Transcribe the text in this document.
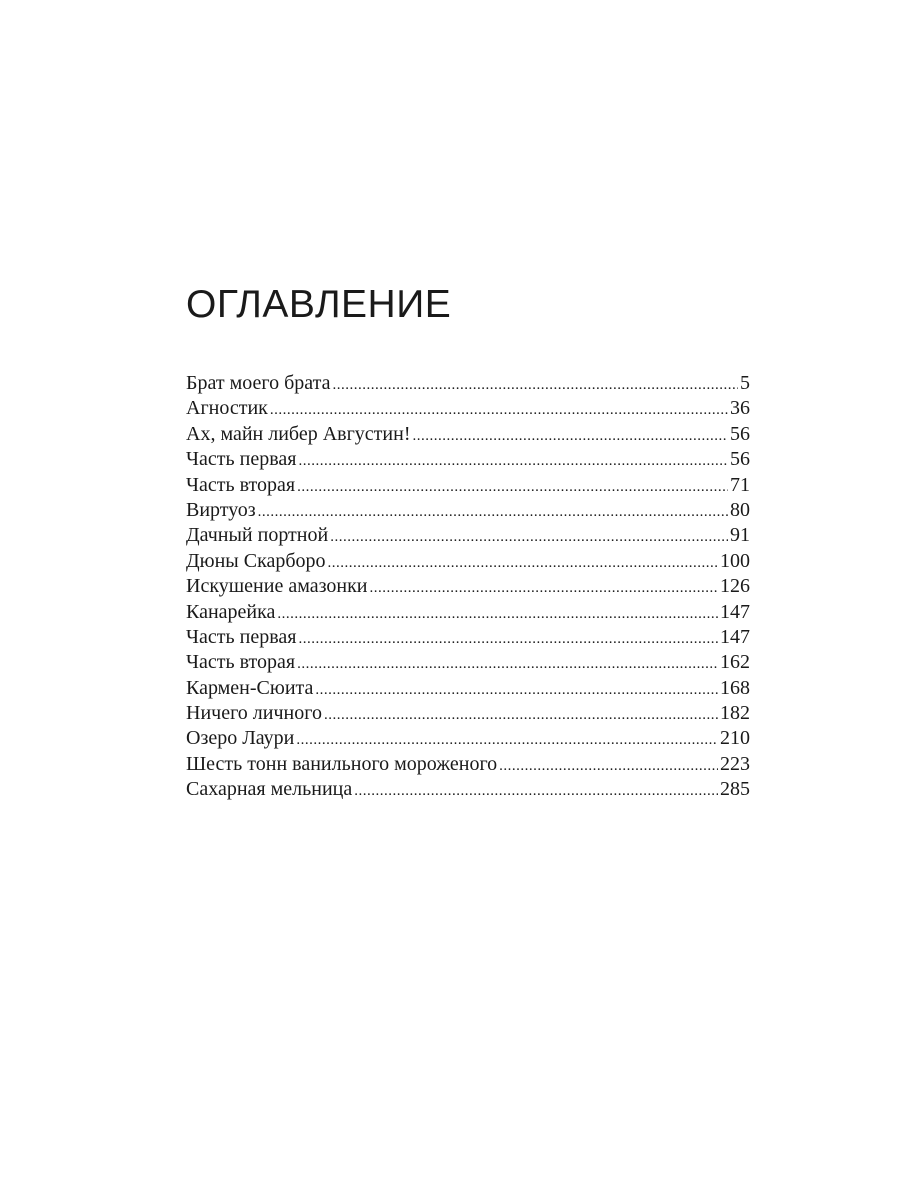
ОГЛАВЛЕНИЕ
Брат моего брата .....	5
Агностик .....	36
Ах, майн либер Августин! .....	56
Часть первая .....	56
Часть вторая .....	71
Виртуоз .....	80
Дачный портной .....	91
Дюны Скарборо .....	100
Искушение амазонки .....	126
Канарейка .....	147
Часть первая .....	147
Часть вторая .....	162
Кармен-Сюита .....	168
Ничего личного .....	182
Озеро Лаури .....	210
Шесть тонн ванильного мороженого .....	223
Сахарная мельница .....	285
